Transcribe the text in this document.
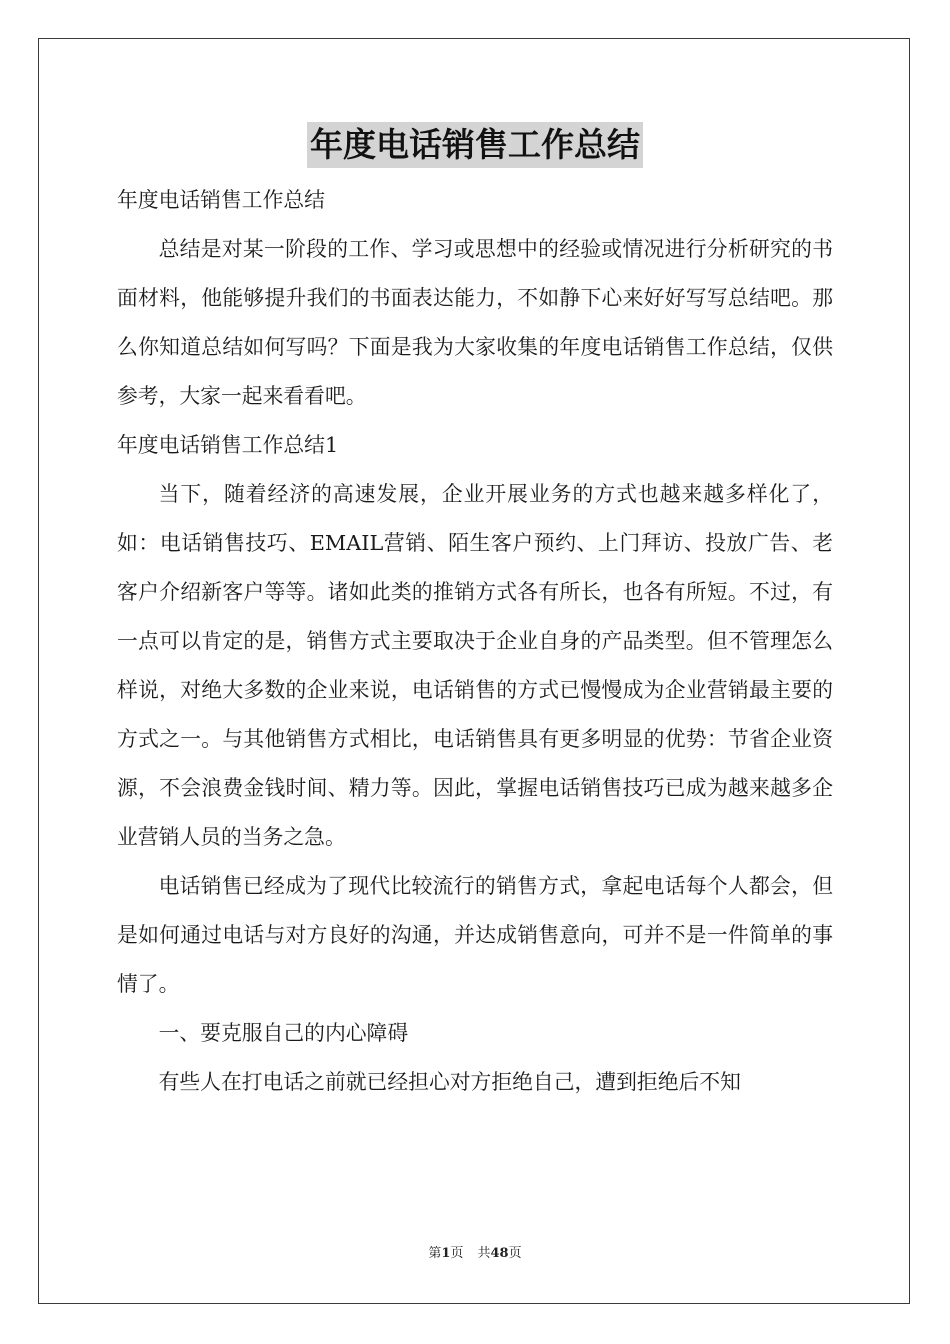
年度电话销售工作总结

年度电话销售工作总结

总结是对某一阶段的工作、学习或思想中的经验或情况进行分析研究的书面材料，他能够提升我们的书面表达能力，不如静下心来好好写写总结吧。那么你知道总结如何写吗？下面是我为大家收集的年度电话销售工作总结，仅供参考，大家一起来看看吧。

年度电话销售工作总结1

当下，随着经济的高速发展，企业开展业务的方式也越来越多样化了，如：电话销售技巧、EMAIL营销、陌生客户预约、上门拜访、投放广告、老客户介绍新客户等等。诸如此类的推销方式各有所长，也各有所短。不过，有一点可以肯定的是，销售方式主要取决于企业自身的产品类型。但不管理怎么样说，对绝大多数的企业来说，电话销售的方式已慢慢成为企业营销最主要的方式之一。与其他销售方式相比，电话销售具有更多明显的优势：节省企业资源，不会浪费金钱时间、精力等。因此，掌握电话销售技巧已成为越来越多企业营销人员的当务之急。

电话销售已经成为了现代比较流行的销售方式，拿起电话每个人都会，但是如何通过电话与对方良好的沟通，并达成销售意向，可并不是一件简单的事情了。

一、要克服自己的内心障碍

有些人在打电话之前就已经担心对方拒绝自己，遭到拒绝后不知

第1页 共48页
